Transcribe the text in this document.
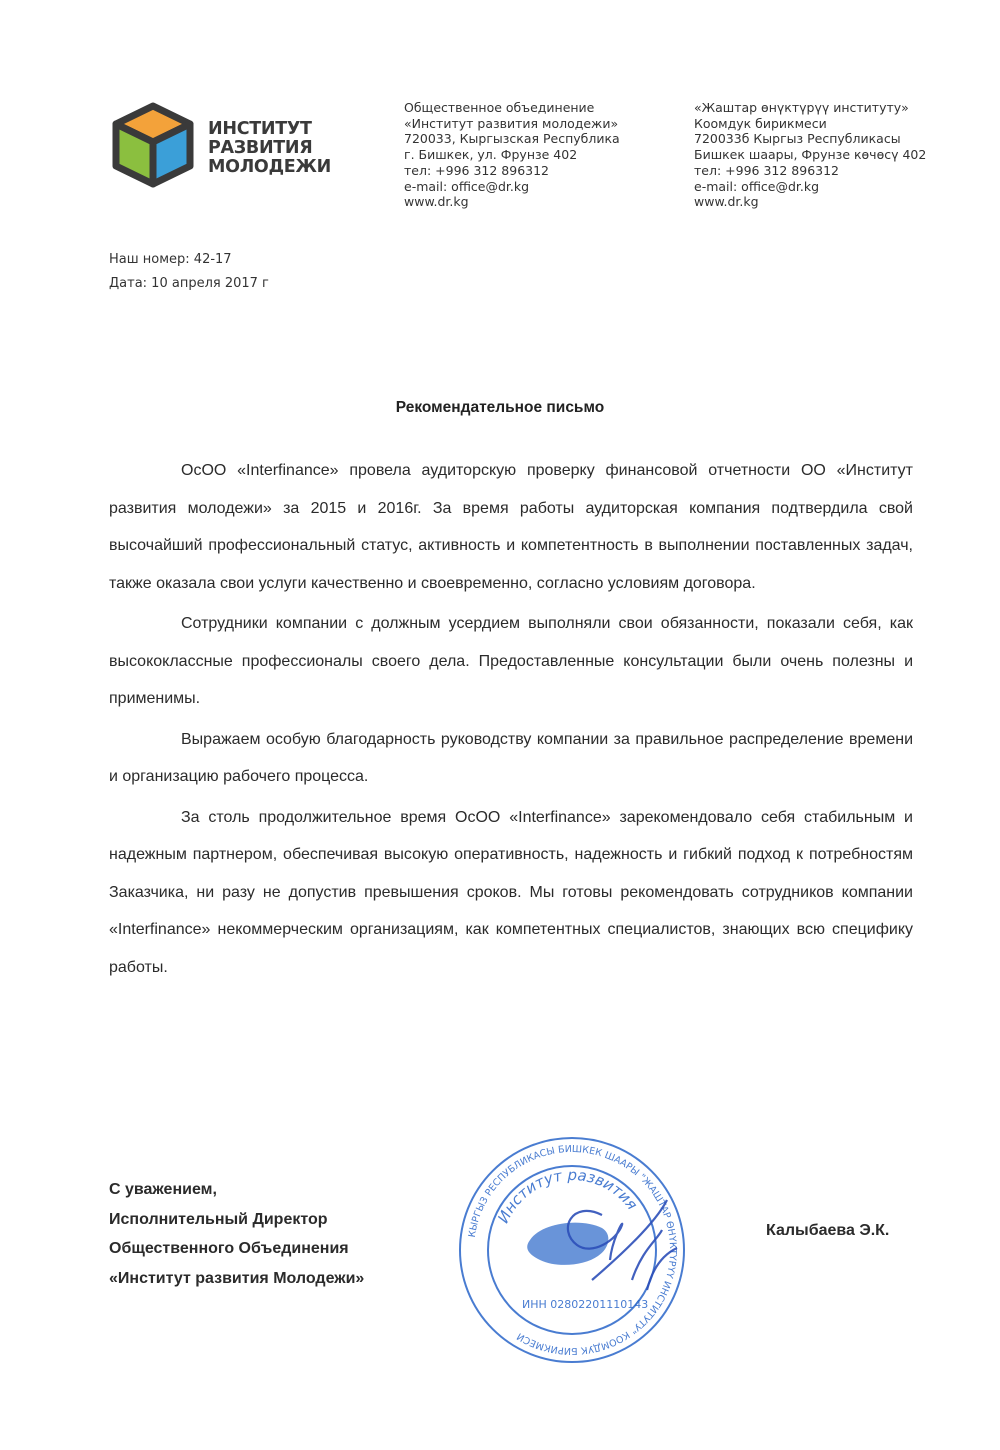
ИНСТИТУТ
РАЗВИТИЯ
МОЛОДЕЖИ
Общественное объединение
«Институт развития молодежи»
720033, Кыргызская Республика
г. Бишкек, ул. Фрунзе 402
тел: +996 312 896312
e-mail: office@dr.kg
www.dr.kg
«Жаштар өнүктүрүү институту»
Коомдук бирикмеси
720033б Кыргыз Республикасы
Бишкек шаары, Фрунзе көчөсү 402
тел: +996 312 896312
e-mail: office@dr.kg
www.dr.kg
Наш номер: 42-17
Дата: 10 апреля 2017 г
Рекомендательное письмо

ОсОО «Interfinance» провела аудиторскую проверку финансовой отчетности ОО «Институт развития молодежи» за 2015 и 2016г. За время работы аудиторская компания подтвердила свой высочайший профессиональный статус, активность и компетентность в выполнении поставленных задач, также оказала свои услуги качественно и своевременно, согласно условиям договора.

Сотрудники компании с должным усердием выполняли свои обязанности, показали себя, как высококлассные профессионалы своего дела. Предоставленные консультации были очень полезны и применимы.

Выражаем особую благодарность руководству компании за правильное распределение времени и организацию рабочего процесса.

За столь продолжительное время ОсОО «Interfinance» зарекомендовало себя стабильным и надежным партнером, обеспечивая высокую оперативность, надежность и гибкий подход к потребностям Заказчика, ни разу не допустив превышения сроков. Мы готовы рекомендовать сотрудников компании «Interfinance» некоммерческим организациям, как компетентных специалистов, знающих всю специфику работы.

КЫРГЫЗ РЕСПУБЛИКАСЫ БИШКЕК ШААРЫ "ЖАШТАР ӨНҮКТҮРҮҮ ИНСТИТУТУ" КООМДУК БИРИКМЕСИ
Институт развития
ИНН 02802201110143
С уважением,
Исполнительный Директор
Общественного Объединения
«Институт развития Молодежи»
Калыбаева Э.К.
